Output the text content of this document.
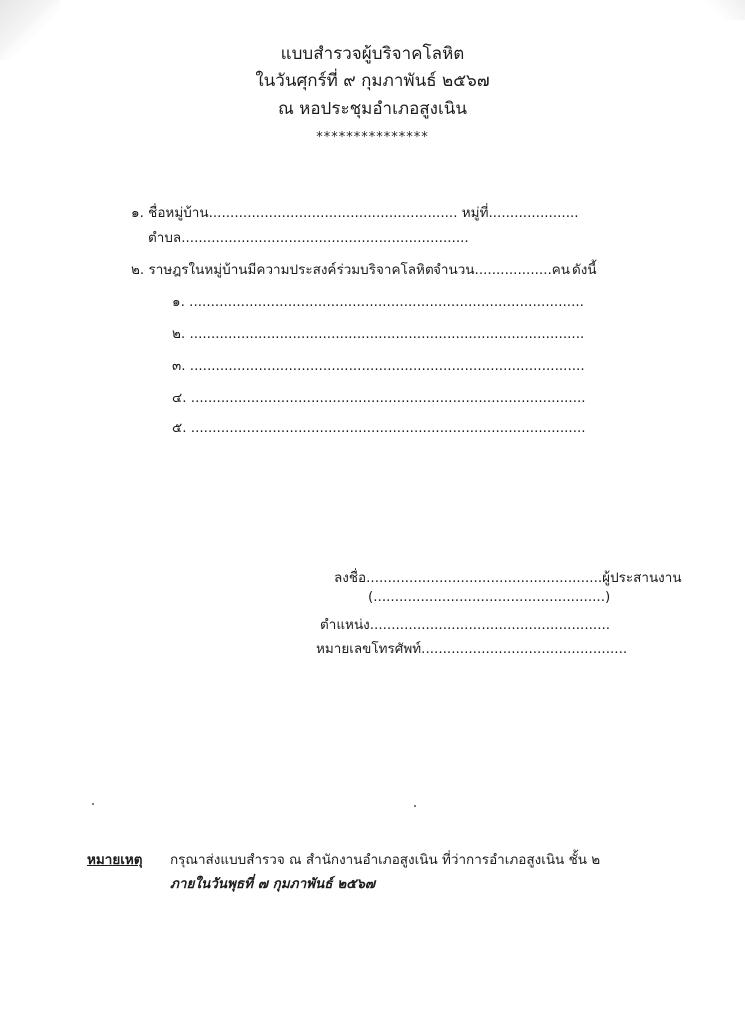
แบบสำรวจผู้บริจาคโลหิต
ในวันศุกร์ที่ ๙ กุมภาพันธ์ ๒๕๖๗
ณ หอประชุมอำเภอสูงเนิน
***************
๑. ชื่อหมู่บ้าน.......................................................... หมู่ที่.....................
ตำบล...................................................................
๒. ราษฎรในหมู่บ้านมีความประสงค์ร่วมบริจาคโลหิต จำนวน..................คน ดังนี้
๑. ............................................................................................
๒. ............................................................................................
๓. ............................................................................................
๔. ............................................................................................
๕. ............................................................................................
ลงชื่อ.......................................................ผู้ประสานงาน
(......................................................)
ตำแหน่ง........................................................
หมายเลขโทรศัพท์................................................
หมายเหตุ กรุณาส่งแบบสำรวจ ณ สำนักงานอำเภอสูงเนิน ที่ว่าการอำเภอสูงเนิน ชั้น ๒
ภายในวันพุธที่ ๗ กุมภาพันธ์ ๒๕๖๗
